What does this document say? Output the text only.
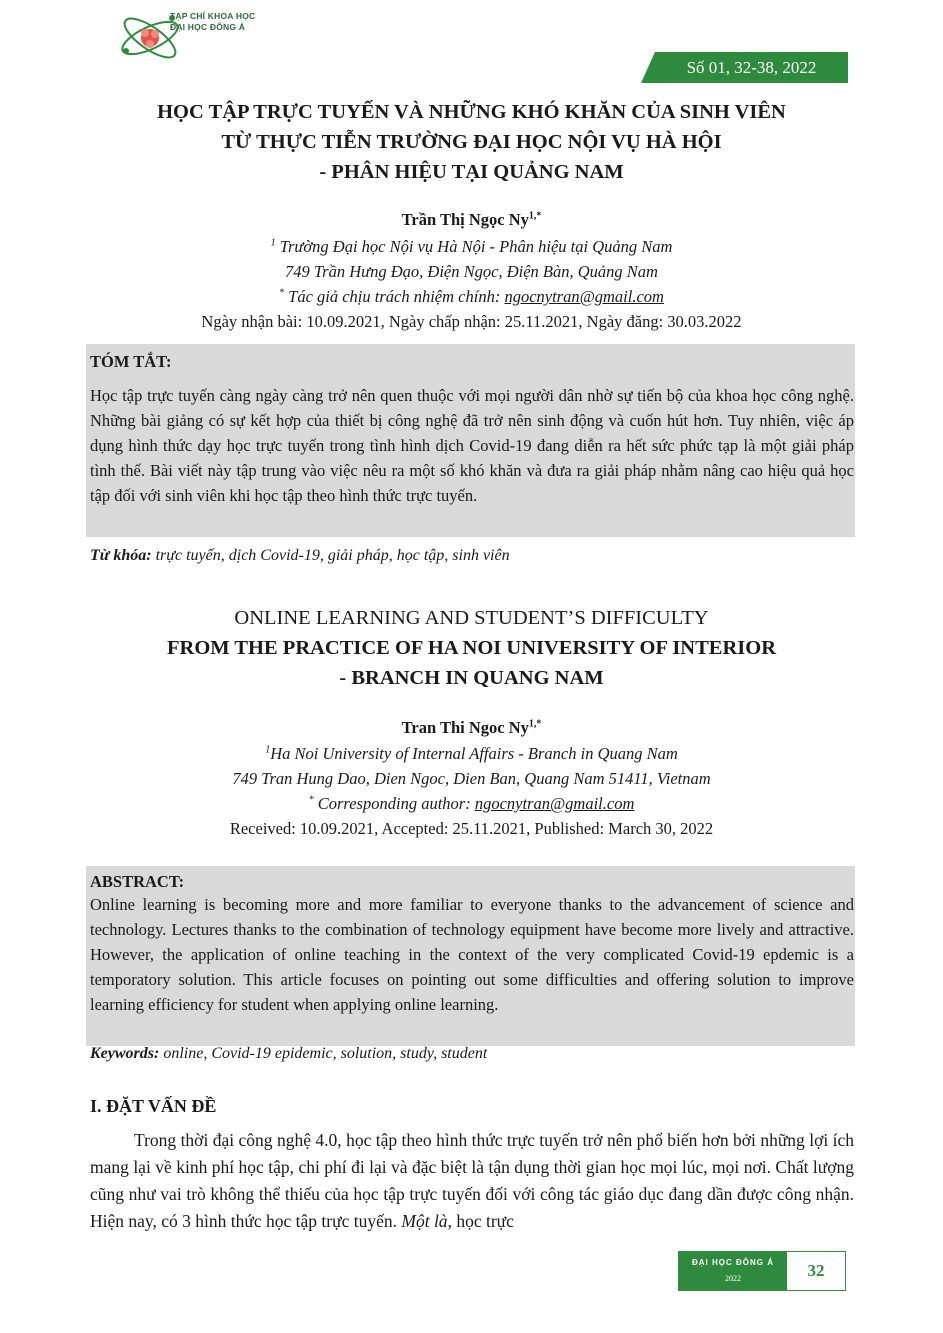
TẠP CHÍ KHOA HỌC
ĐẠI HỌC ĐÔNG Á
Số 01, 32-38, 2022
HỌC TẬP TRỰC TUYẾN VÀ NHỮNG KHÓ KHĂN CỦA SINH VIÊN
TỪ THỰC TIỄN TRƯỜNG ĐẠI HỌC NỘI VỤ HÀ HỘI
- PHÂN HIỆU TẠI QUẢNG NAM
Trần Thị Ngọc $Ny^{1,*}$
$^1$ Trường Đại học Nội vụ Hà Nội - Phân hiệu tại Quảng Nam
749 Trần Hưng Đạo, Điện Ngọc, Điện Bàn, Quảng Nam
* Tác giả chịu trách nhiệm chính: ngocnytran@gmail.com
Ngày nhận bài: 10.09.2021, Ngày chấp nhận: 25.11.2021, Ngày đăng: 30.03.2022
TÓM TẮT:
Học tập trực tuyến càng ngày càng trở nên quen thuộc với mọi người dân nhờ sự tiến bộ của khoa học công nghệ. Những bài giảng có sự kết hợp của thiết bị công nghệ đã trở nên sinh động và cuốn hút hơn. Tuy nhiên, việc áp dụng hình thức dạy học trực tuyến trong tình hình dịch Covid-19 đang diễn ra hết sức phức tạp là một giải pháp tình thế. Bài viết này tập trung vào việc nêu ra một số khó khăn và đưa ra giải pháp nhằm nâng cao hiệu quả học tập đối với sinh viên khi học tập theo hình thức trực tuyến.
Từ khóa: trực tuyến, dịch Covid-19, giải pháp, học tập, sinh viên
ONLINE LEARNING AND STUDENT’S DIFFICULTY
FROM THE PRACTICE OF HA NOI UNIVERSITY OF INTERIOR
- BRANCH IN QUANG NAM
Tran Thi Ngoc $Ny^{1,*}$
$^1$Ha Noi University of Internal Affairs - Branch in Quang Nam
749 Tran Hung Dao, Dien Ngoc, Dien Ban, Quang Nam 51411, Vietnam
* Corresponding author: ngocnytran@gmail.com
Received: 10.09.2021, Accepted: 25.11.2021, Published: March 30, 2022
ABSTRACT:
Online learning is becoming more and more familiar to everyone thanks to the advancement of science and technology. Lectures thanks to the combination of technology equipment have become more lively and attractive. However, the application of online teaching in the context of the very complicated Covid-19 epdemic is a temporatory solution. This article focuses on pointing out some difficulties and offering solution to improve learning efficiency for student when applying online learning.
Keywords: online, Covid-19 epidemic, solution, study, student
I. ĐẶT VẤN ĐỀ
Trong thời đại công nghệ 4.0, học tập theo hình thức trực tuyến trở nên phổ biến hơn bởi những lợi ích mang lại về kinh phí học tập, chi phí đi lại và đặc biệt là tận dụng thời gian học mọi lúc, mọi nơi. Chất lượng cũng như vai trò không thể thiếu của học tập trực tuyến đối với công tác giáo dục đang dần được công nhận. Hiện nay, có 3 hình thức học tập trực tuyến. Một là, học trực
ĐẠI HỌC ĐÔNG Á
2022	32
